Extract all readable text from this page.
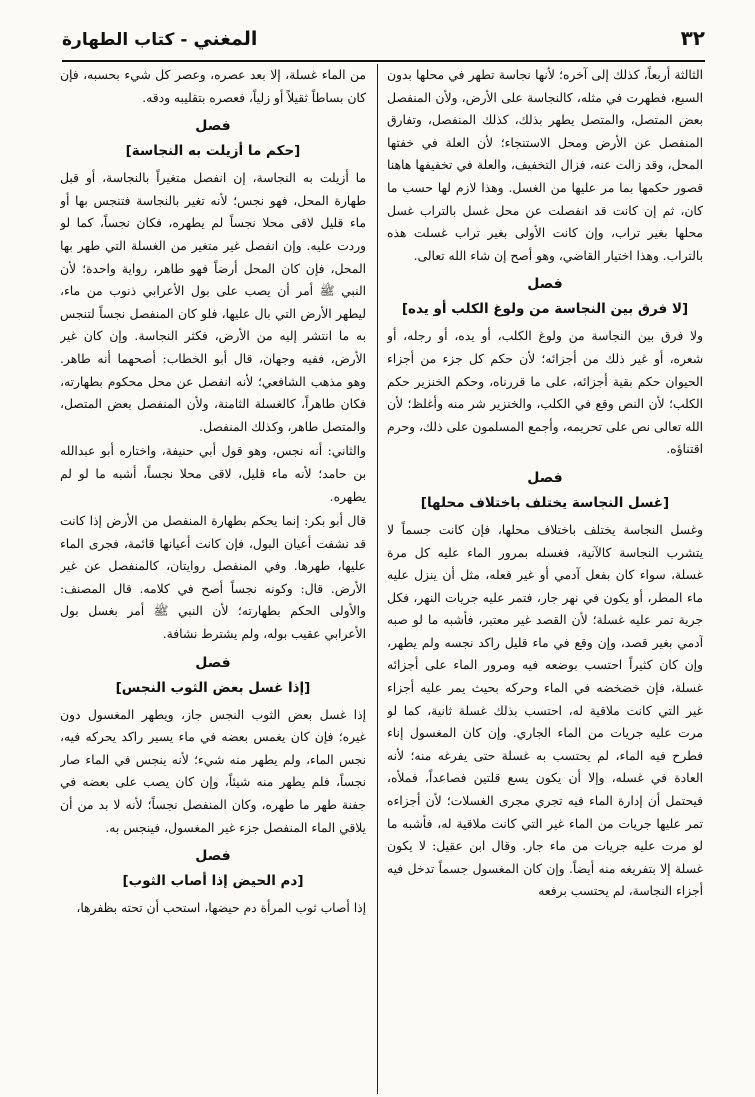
٣٢
المغني - كتاب الطهارة

الثالثة أربعاً، كذلك إلى آخره؛ لأنها نجاسة تطهر في محلها بدون السبع، فطهرت في مثله، كالنجاسة على الأرض، ولأن المنفصل بعض المتصل، والمتصل يطهر بذلك، كذلك المنفصل، وتفارق المنفصل عن الأرض ومحل الاستنجاء؛ لأن العلة في خفتها المحل، وقد زالت عنه، فزال التخفيف، والعلة في تخفيفها هاهنا قصور حكمها بما مر عليها من الغسل. وهذا لازم لها حسب ما كان، ثم إن كانت قد انفصلت عن محل غسل بالتراب غسل محلها بغير تراب، وإن كانت الأولى بغير تراب غسلت هذه بالتراب. وهذا اختيار القاضي، وهو أصح إن شاء الله تعالى.

فصل
[لا فرق بين النجاسة من ولوغ الكلب أو يده]

ولا فرق بين النجاسة من ولوغ الكلب، أو يده، أو رجله، أو شعره، أو غير ذلك من أجزائه؛ لأن حكم كل جزء من أجزاء الحيوان حكم بقية أجزائه، على ما قررناه، وحكم الخنزير حكم الكلب؛ لأن النص وقع في الكلب، والخنزير شر منه وأغلظ؛ لأن الله تعالى نص على تحريمه، وأجمع المسلمون على ذلك، وحرم اقتناؤه.

فصل
[غسل النجاسة يختلف باختلاف محلها]

وغسل النجاسة يختلف باختلاف محلها، فإن كانت جسماً لا يتشرب النجاسة كالآنية، فغسله بمرور الماء عليه كل مرة غسلة، سواء كان بفعل آدمي أو غير فعله، مثل أن ينزل عليه ماء المطر، أو يكون في نهر جار، فتمر عليه جريات النهر، فكل جرية تمر عليه غسلة؛ لأن القصد غير معتبر، فأشبه ما لو صبه آدمي بغير قصد، وإن وقع في ماء قليل راكد نجسه ولم يطهر، وإن كان كثيراً احتسب بوضعه فيه ومرور الماء على أجزائه غسلة، فإن خضخضه في الماء وحركه بحيث يمر عليه أجزاء غير التي كانت ملاقية له، احتسب بذلك غسلة ثانية، كما لو مرت عليه جريات من الماء الجاري. وإن كان المغسول إناء فطرح فيه الماء، لم يحتسب به غسلة حتى يفرغه منه؛ لأنه العادة في غسله، وإلا أن يكون يسع قلتين فصاعداً، فملأه، فيحتمل أن إدارة الماء فيه تجري مجرى الغسلات؛ لأن أجزاءه تمر عليها جريات من الماء غير التي كانت ملاقية له، فأشبه ما لو مرت عليه جريات من ماء جار. وقال ابن عقيل: لا يكون غسلة إلا بتفريغه منه أيضاً. وإن كان المغسول جسماً تدخل فيه أجزاء النجاسة، لم يحتسب برفعه

من الماء غسلة، إلا بعد عصره، وعصر كل شيء بحسبه، فإن كان بساطاً ثقيلاً أو زلياً، فعصره بتقليبه ودقه.

فصل
[حكم ما أزيلت به النجاسة]

ما أزيلت به النجاسة، إن انفصل متغيراً بالنجاسة، أو قبل طهارة المحل، فهو نجس؛ لأنه تغير بالنجاسة فتنجس بها أو ماء قليل لاقى محلا نجساً لم يطهره، فكان نجساً، كما لو وردت عليه. وإن انفصل غير متغير من الغسلة التي طهر بها المحل، فإن كان المحل أرضاً فهو طاهر، رواية واحدة؛ لأن النبي ﷺ أمر أن يصب على بول الأعرابي ذنوب من ماء، ليطهر الأرض التي بال عليها، فلو كان المنفصل نجساً لتنجس به ما انتشر إليه من الأرض، فكثر النجاسة. وإن كان غير الأرض، ففيه وجهان، قال أبو الخطاب: أصحهما أنه طاهر. وهو مذهب الشافعي؛ لأنه انفصل عن محل محكوم بطهارته، فكان طاهراً، كالغسلة الثامنة، ولأن المنفصل بعض المتصل، والمتصل طاهر، وكذلك المنفصل.

والثاني: أنه نجس، وهو قول أبي حنيفة، واختاره أبو عبدالله بن حامد؛ لأنه ماء قليل، لاقى محلا نجساً، أشبه ما لو لم يطهره.

قال أبو بكر: إنما يحكم بطهارة المنفصل من الأرض إذا كانت قد نشفت أعيان البول، فإن كانت أعيانها قائمة، فجرى الماء عليها، طهرها. وفي المنفصل روايتان، كالمنفصل عن غير الأرض. قال: وكونه نجساً أصح في كلامه. قال المصنف: والأولى الحكم بطهارته؛ لأن النبي ﷺ أمر بغسل بول الأعرابي عقيب بوله، ولم يشترط نشافة.

فصل
[إذا غسل بعض الثوب النجس]

إذا غسل بعض الثوب النجس جاز، ويطهر المغسول دون غيره؛ فإن كان يغمس بعضه في ماء يسير راكد يحركه فيه، نجس الماء، ولم يطهر منه شيء؛ لأنه ينجس في الماء صار نجساً، فلم يطهر منه شيئاً، وإن كان يصب على بعضه في جفنة طهر ما طهره، وكان المنفصل نجساً؛ لأنه لا بد من أن يلاقي الماء المنفصل جزء غير المغسول، فينجس به.

فصل
[دم الحيض إذا أصاب الثوب]

إذا أصاب ثوب المرأة دم حيضها، استحب أن تحته بظفرها،
